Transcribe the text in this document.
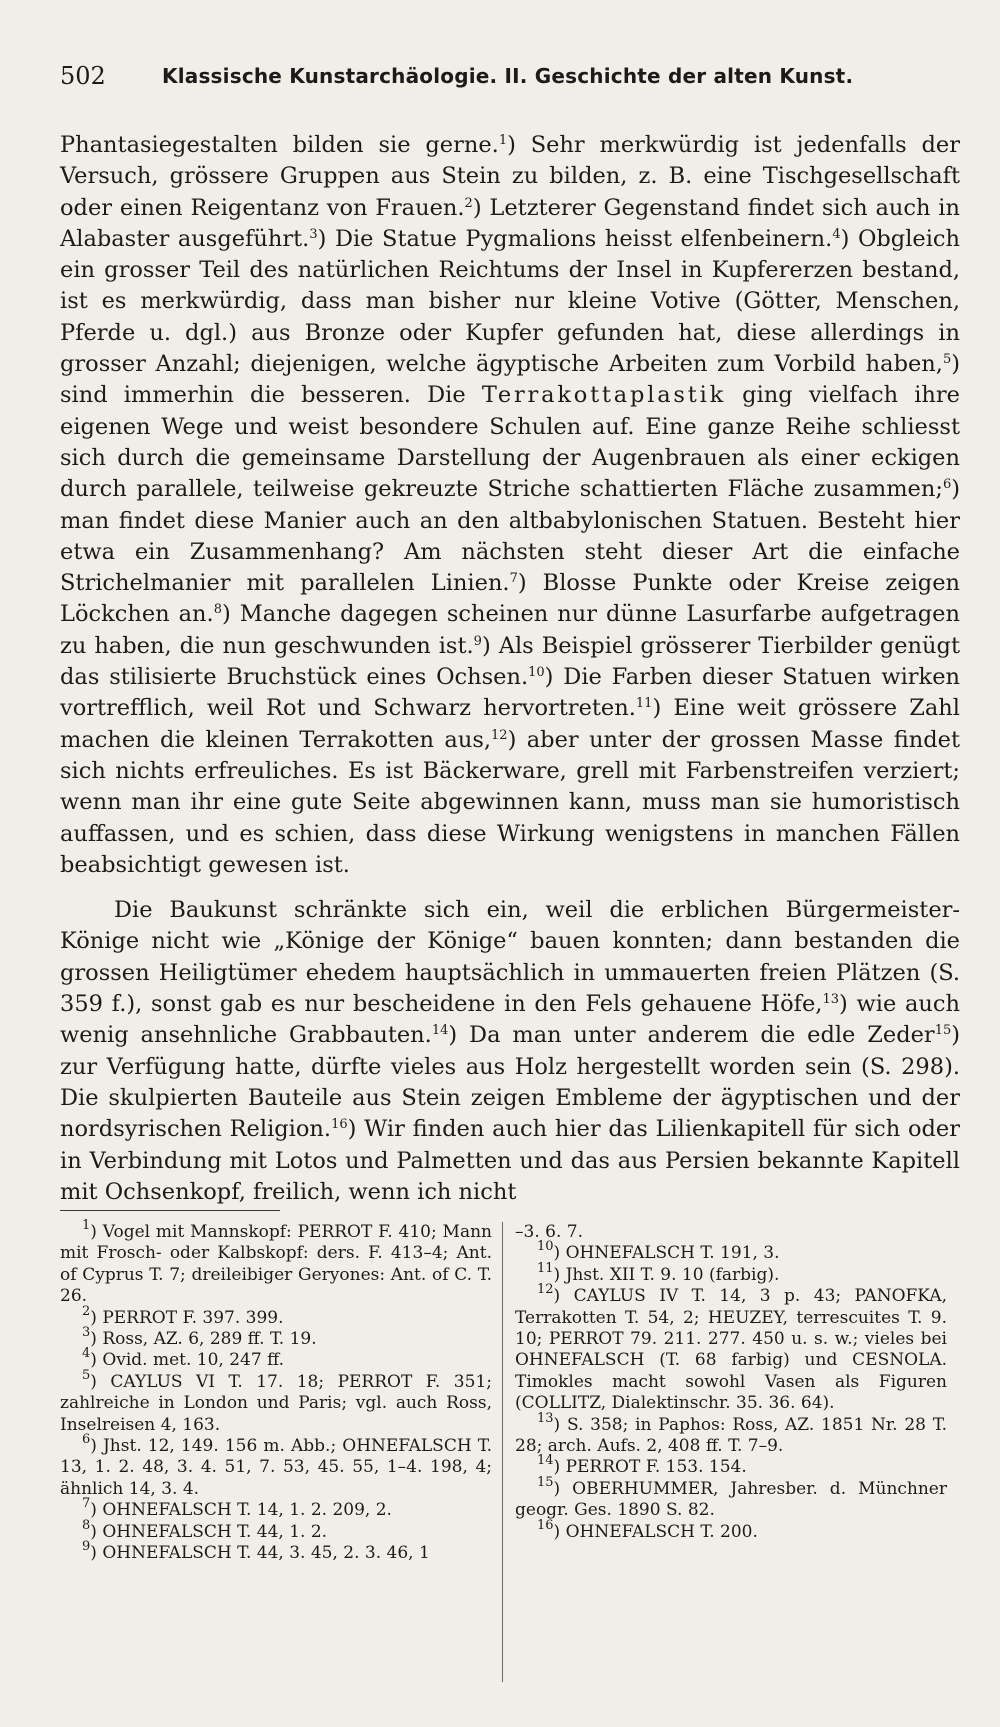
502	Klassische Kunstarchäologie. II. Geschichte der alten Kunst.

Phantasiegestalten bilden sie gerne.$^1$) Sehr merkwürdig ist jedenfalls der Versuch, grössere Gruppen aus Stein zu bilden, z. B. eine Tischgesellschaft oder einen Reigentanz von Frauen.$^2$) Letzterer Gegenstand findet sich auch in Alabaster ausgeführt.$^3$) Die Statue Pygmalions heisst elfenbeinern.$^4$) Obgleich ein grosser Teil des natürlichen Reichtums der Insel in Kupfererzen bestand, ist es merkwürdig, dass man bisher nur kleine Votive (Götter, Menschen, Pferde u. dgl.) aus Bronze oder Kupfer gefunden hat, diese allerdings in grosser Anzahl; diejenigen, welche ägyptische Arbeiten zum Vorbild haben,$^5$) sind immerhin die besseren. Die Terrakottaplastik ging vielfach ihre eigenen Wege und weist besondere Schulen auf. Eine ganze Reihe schliesst sich durch die gemeinsame Darstellung der Augenbrauen als einer eckigen durch parallele, teilweise gekreuzte Striche schattierten Fläche zusammen;$^6$) man findet diese Manier auch an den altbabylonischen Statuen. Besteht hier etwa ein Zusammenhang? Am nächsten steht dieser Art die einfache Strichelmanier mit parallelen Linien.$^7$) Blosse Punkte oder Kreise zeigen Löckchen an.$^8$) Manche dagegen scheinen nur dünne Lasurfarbe aufgetragen zu haben, die nun geschwunden ist.$^9$) Als Beispiel grösserer Tierbilder genügt das stilisierte Bruchstück eines Ochsen.$^{10}$) Die Farben dieser Statuen wirken vortrefflich, weil Rot und Schwarz hervortreten.$^{11}$) Eine weit grössere Zahl machen die kleinen Terrakotten aus,$^{12}$) aber unter der grossen Masse findet sich nichts erfreuliches. Es ist Bäckerware, grell mit Farbenstreifen verziert; wenn man ihr eine gute Seite abgewinnen kann, muss man sie humoristisch auffassen, und es schien, dass diese Wirkung wenigstens in manchen Fällen beabsichtigt gewesen ist.

Die Baukunst schränkte sich ein, weil die erblichen Bürgermeister-Könige nicht wie „Könige der Könige“ bauen konnten; dann bestanden die grossen Heiligtümer ehedem hauptsächlich in ummauerten freien Plätzen (S. 359 f.), sonst gab es nur bescheidene in den Fels gehauene Höfe,$^{13}$) wie auch wenig ansehnliche Grabbauten.$^{14}$) Da man unter anderem die edle Zeder$^{15}$) zur Verfügung hatte, dürfte vieles aus Holz hergestellt worden sein (S. 298). Die skulpierten Bauteile aus Stein zeigen Embleme der ägyptischen und der nordsyrischen Religion.$^{16}$) Wir finden auch hier das Lilienkapitell für sich oder in Verbindung mit Lotos und Palmetten und das aus Persien bekannte Kapitell mit Ochsenkopf, freilich, wenn ich nicht

$^1$) Vogel mit Mannskopf: PERROT F. 410; Mann mit Frosch- oder Kalbskopf: ders. F. 413–4; Ant. of Cyprus T. 7; dreileibiger Geryones: Ant. of C. T. 26.

$^2$) PERROT F. 397. 399.

$^3$) Ross, AZ. 6, 289 ff. T. 19.

$^4$) Ovid. met. 10, 247 ff.

$^5$) CAYLUS VI T. 17. 18; PERROT F. 351; zahlreiche in London und Paris; vgl. auch Ross, Inselreisen 4, 163.

$^6$) Jhst. 12, 149. 156 m. Abb.; OHNEFALSCH T. 13, 1. 2. 48, 3. 4. 51, 7. 53, 45. 55, 1–4. 198, 4; ähnlich 14, 3. 4.

$^7$) OHNEFALSCH T. 14, 1. 2. 209, 2.

$^8$) OHNEFALSCH T. 44, 1. 2.

$^9$) OHNEFALSCH T. 44, 3. 45, 2. 3. 46, 1

–3. 6. 7.

$^{10}$) OHNEFALSCH T. 191, 3.

$^{11}$) Jhst. XII T. 9. 10 (farbig).

$^{12}$) CAYLUS IV T. 14, 3 p. 43; PANOFKA, Terrakotten T. 54, 2; HEUZEY, terrescuites T. 9. 10; PERROT 79. 211. 277. 450 u. s. w.; vieles bei OHNEFALSCH (T. 68 farbig) und CESNOLA. Timokles macht sowohl Vasen als Figuren (COLLITZ, Dialektinschr. 35. 36. 64).

$^{13}$) S. 358; in Paphos: Ross, AZ. 1851 Nr. 28 T. 28; arch. Aufs. 2, 408 ff. T. 7–9.

$^{14}$) PERROT F. 153. 154.

$^{15}$) OBERHUMMER, Jahresber. d. Münchner geogr. Ges. 1890 S. 82.

$^{16}$) OHNEFALSCH T. 200.
